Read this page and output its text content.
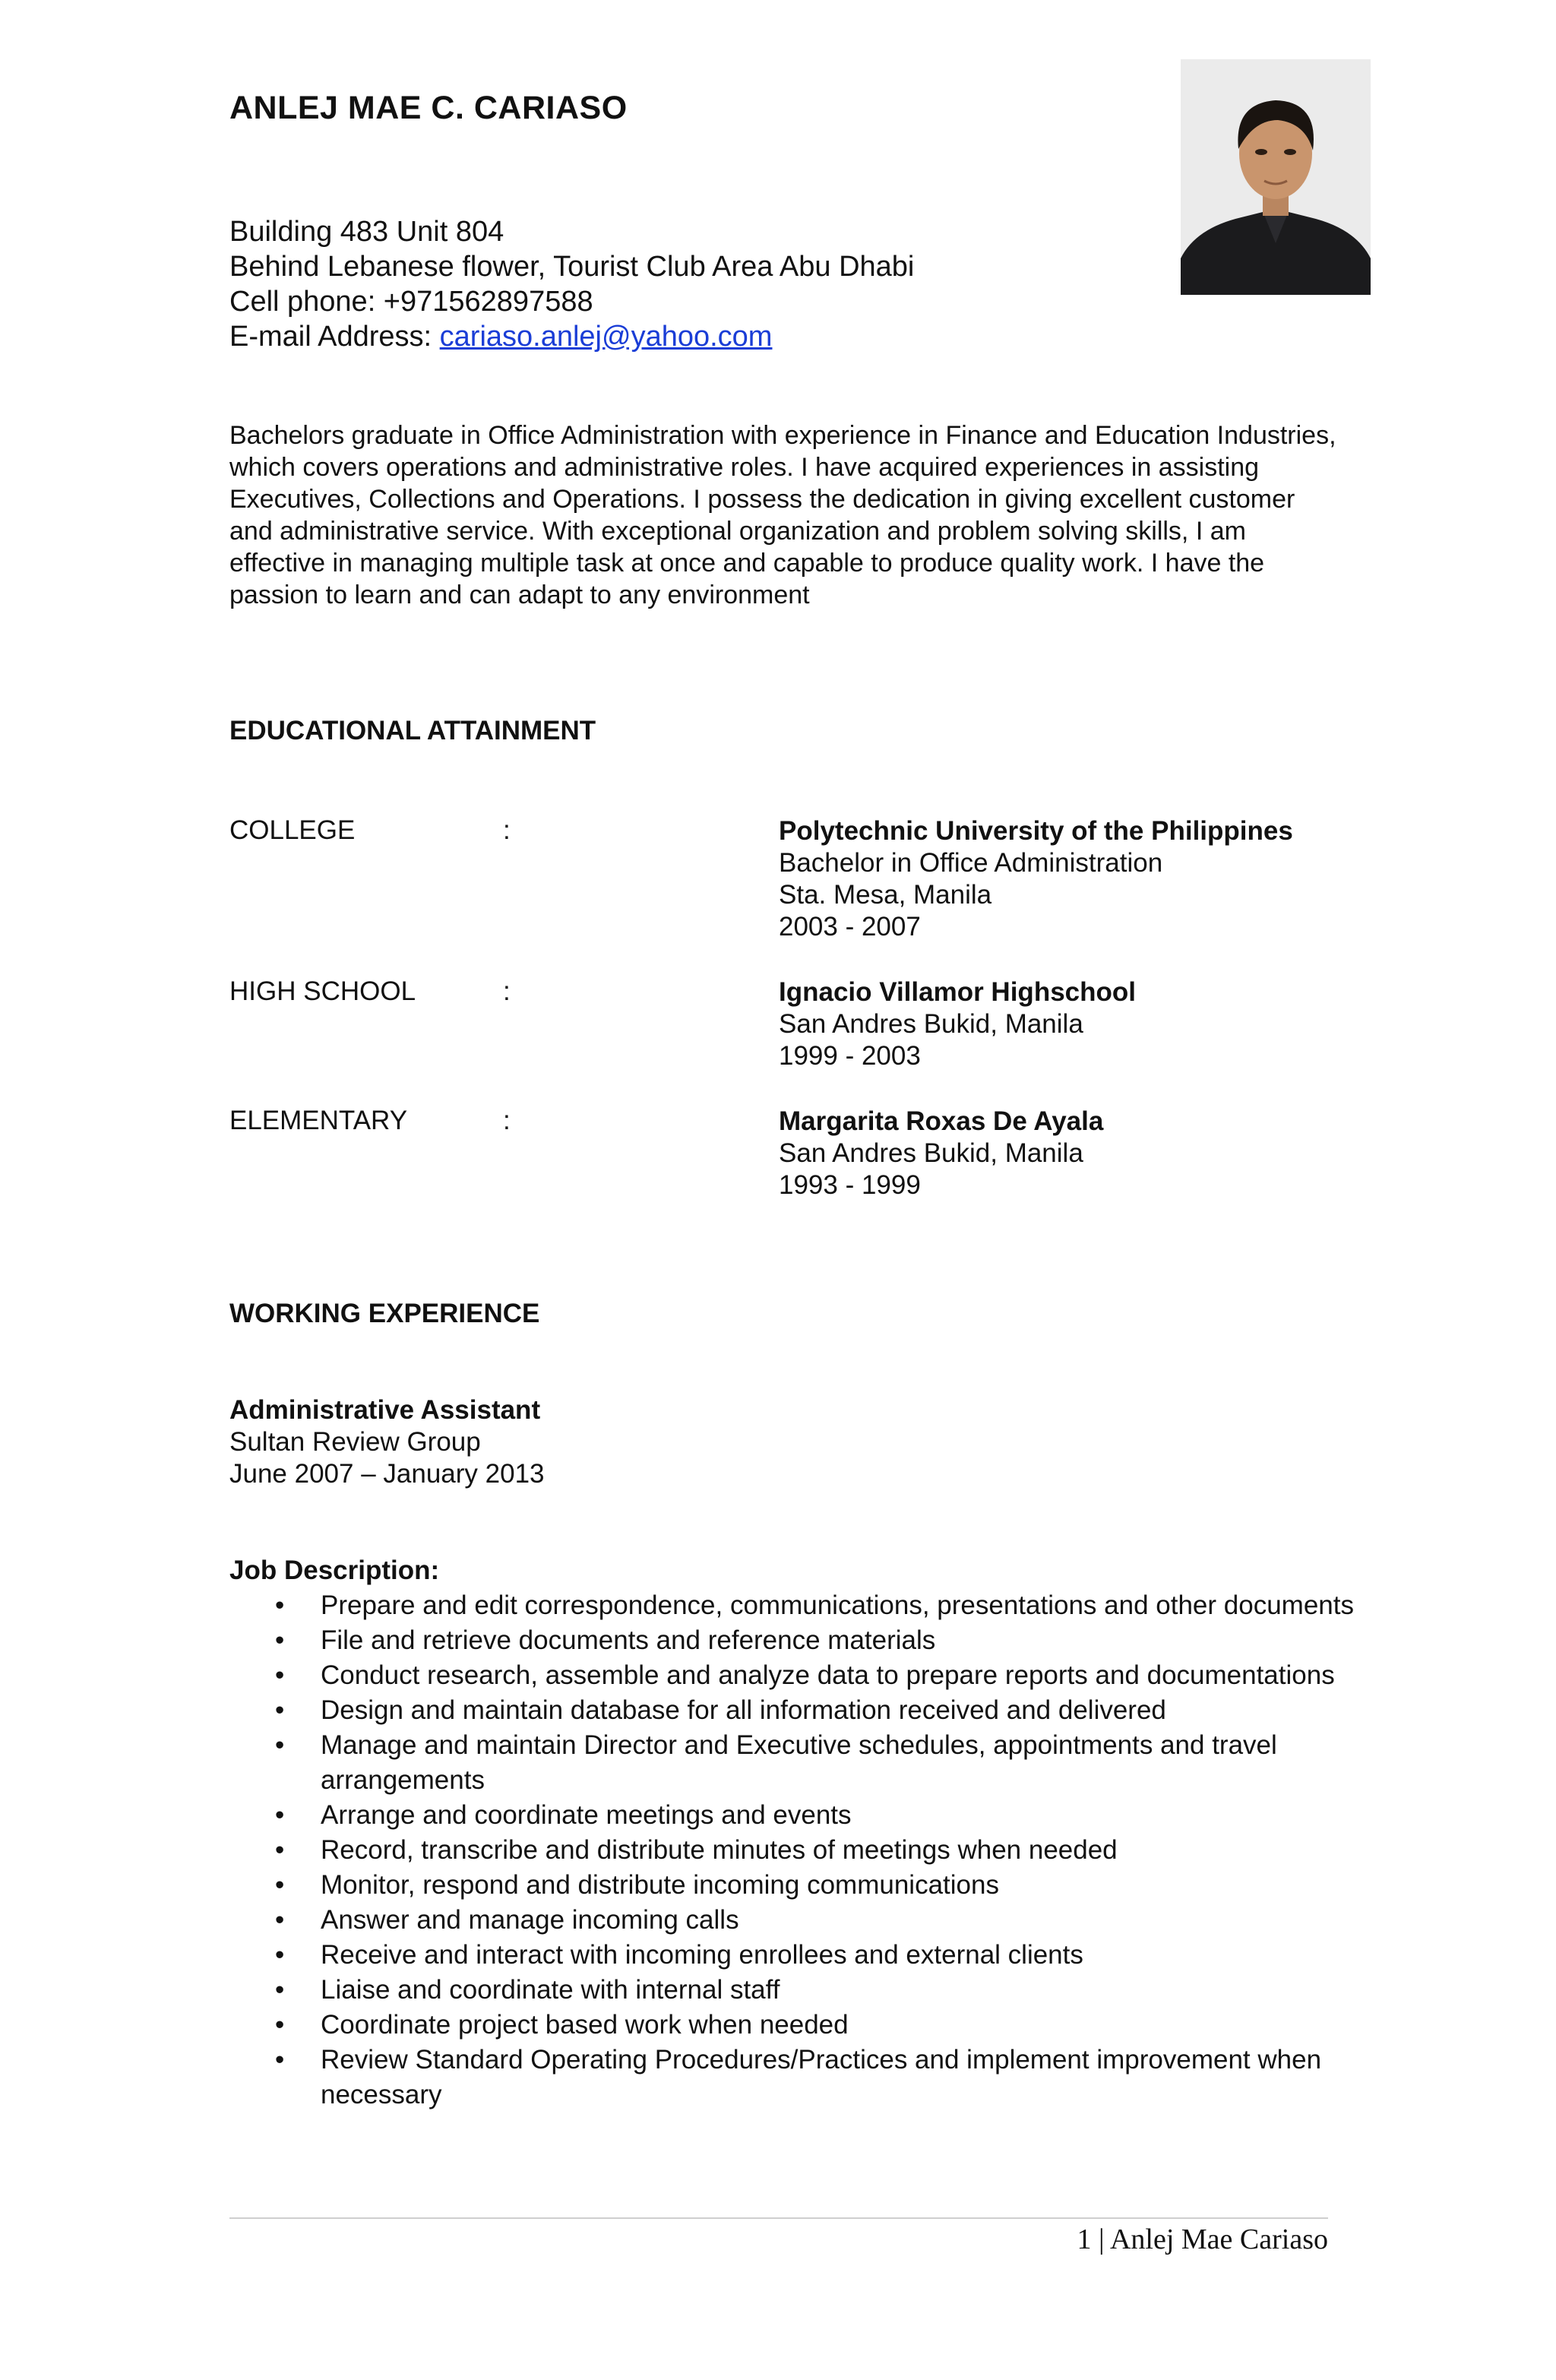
ANLEJ MAE C. CARIASO
Building 483 Unit 804
Behind Lebanese flower, Tourist Club Area Abu Dhabi
Cell phone: +971562897588
E-mail Address: cariaso.anlej@yahoo.com
Bachelors graduate in Office Administration with experience in Finance and Education Industries, which covers operations and administrative roles. I have acquired experiences in assisting Executives, Collections and Operations. I possess the dedication in giving excellent customer and administrative service. With exceptional organization and problem solving skills, I am effective in managing multiple task at once and capable to produce quality work. I have the passion to learn and can adapt to any environment
EDUCATIONAL ATTAINMENT
COLLEGE	:	Polytechnic University of the Philippines
Bachelor in Office Administration
Sta. Mesa, Manila
2003 - 2007
HIGH SCHOOL	:	Ignacio Villamor Highschool
San Andres Bukid, Manila
1999 - 2003
ELEMENTARY	:	Margarita Roxas De Ayala
San Andres Bukid, Manila
1993 - 1999
WORKING EXPERIENCE
Administrative Assistant
Sultan Review Group
June 2007 – January 2013
Job Description:
• Prepare and edit correspondence, communications, presentations and other documents
• File and retrieve documents and reference materials
• Conduct research, assemble and analyze data to prepare reports and documentations
• Design and maintain database for all information received and delivered
• Manage and maintain Director and Executive schedules, appointments and travel arrangements
• Arrange and coordinate meetings and events
• Record, transcribe and distribute minutes of meetings when needed
• Monitor, respond and distribute incoming communications
• Answer and manage incoming calls
• Receive and interact with incoming enrollees and external clients
• Liaise and coordinate with internal staff
• Coordinate project based work when needed
• Review Standard Operating Procedures/Practices and implement improvement when necessary
1 | Anlej Mae Cariaso
